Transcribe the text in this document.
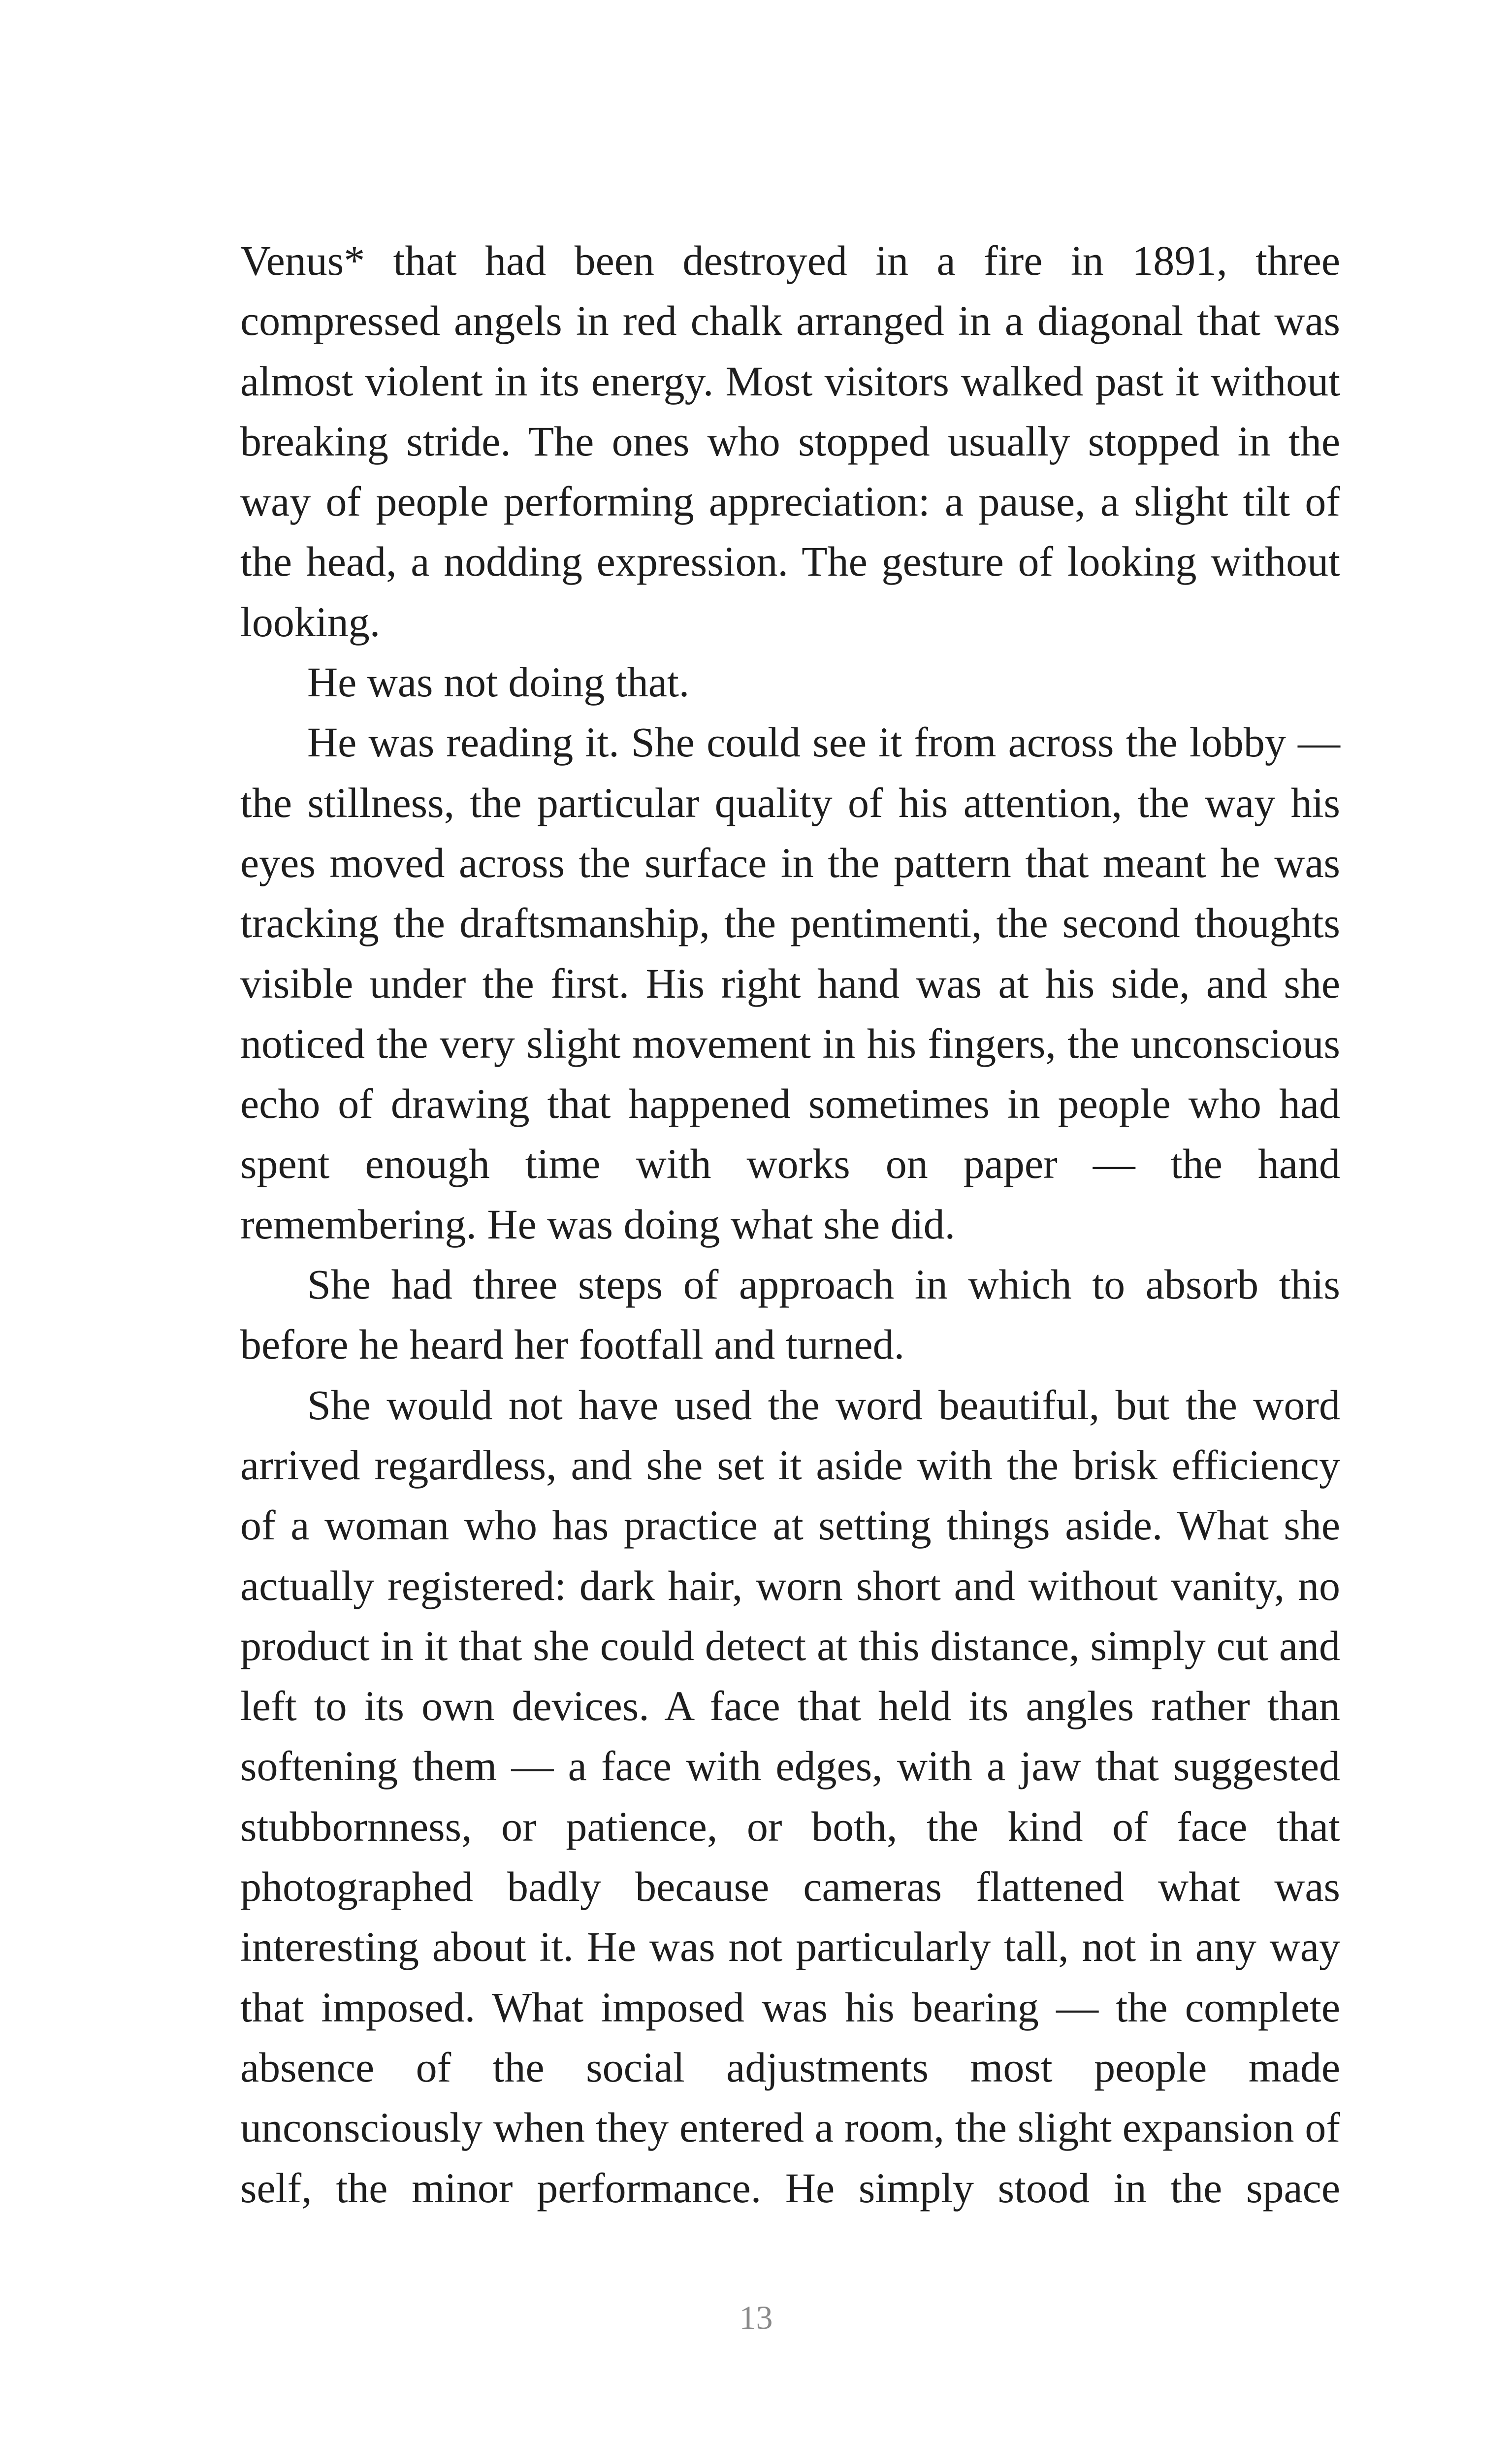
Venus* that had been destroyed in a fire in 1891, three compressed angels in red chalk arranged in a diagonal that was almost violent in its energy. Most visitors walked past it without breaking stride. The ones who stopped usually stopped in the way of people performing appreciation: a pause, a slight tilt of the head, a nodding expression. The gesture of looking without looking.

He was not doing that.

He was reading it. She could see it from across the lobby — the stillness, the particular quality of his attention, the way his eyes moved across the surface in the pattern that meant he was tracking the draftsmanship, the pentimenti, the second thoughts visible under the first. His right hand was at his side, and she noticed the very slight movement in his fingers, the unconscious echo of drawing that happened sometimes in people who had spent enough time with works on paper — the hand remembering. He was doing what she did.

She had three steps of approach in which to absorb this before he heard her footfall and turned.

She would not have used the word beautiful, but the word arrived regardless, and she set it aside with the brisk efficiency of a woman who has practice at setting things aside. What she actually registered: dark hair, worn short and without vanity, no product in it that she could detect at this distance, simply cut and left to its own devices. A face that held its angles rather than softening them — a face with edges, with a jaw that suggested stubbornness, or patience, or both, the kind of face that photographed badly because cameras flattened what was interesting about it. He was not particularly tall, not in any way that imposed. What imposed was his bearing — the complete absence of the social adjustments most people made unconsciously when they entered a room, the slight expansion of self, the minor performance. He simply stood in the space

13
